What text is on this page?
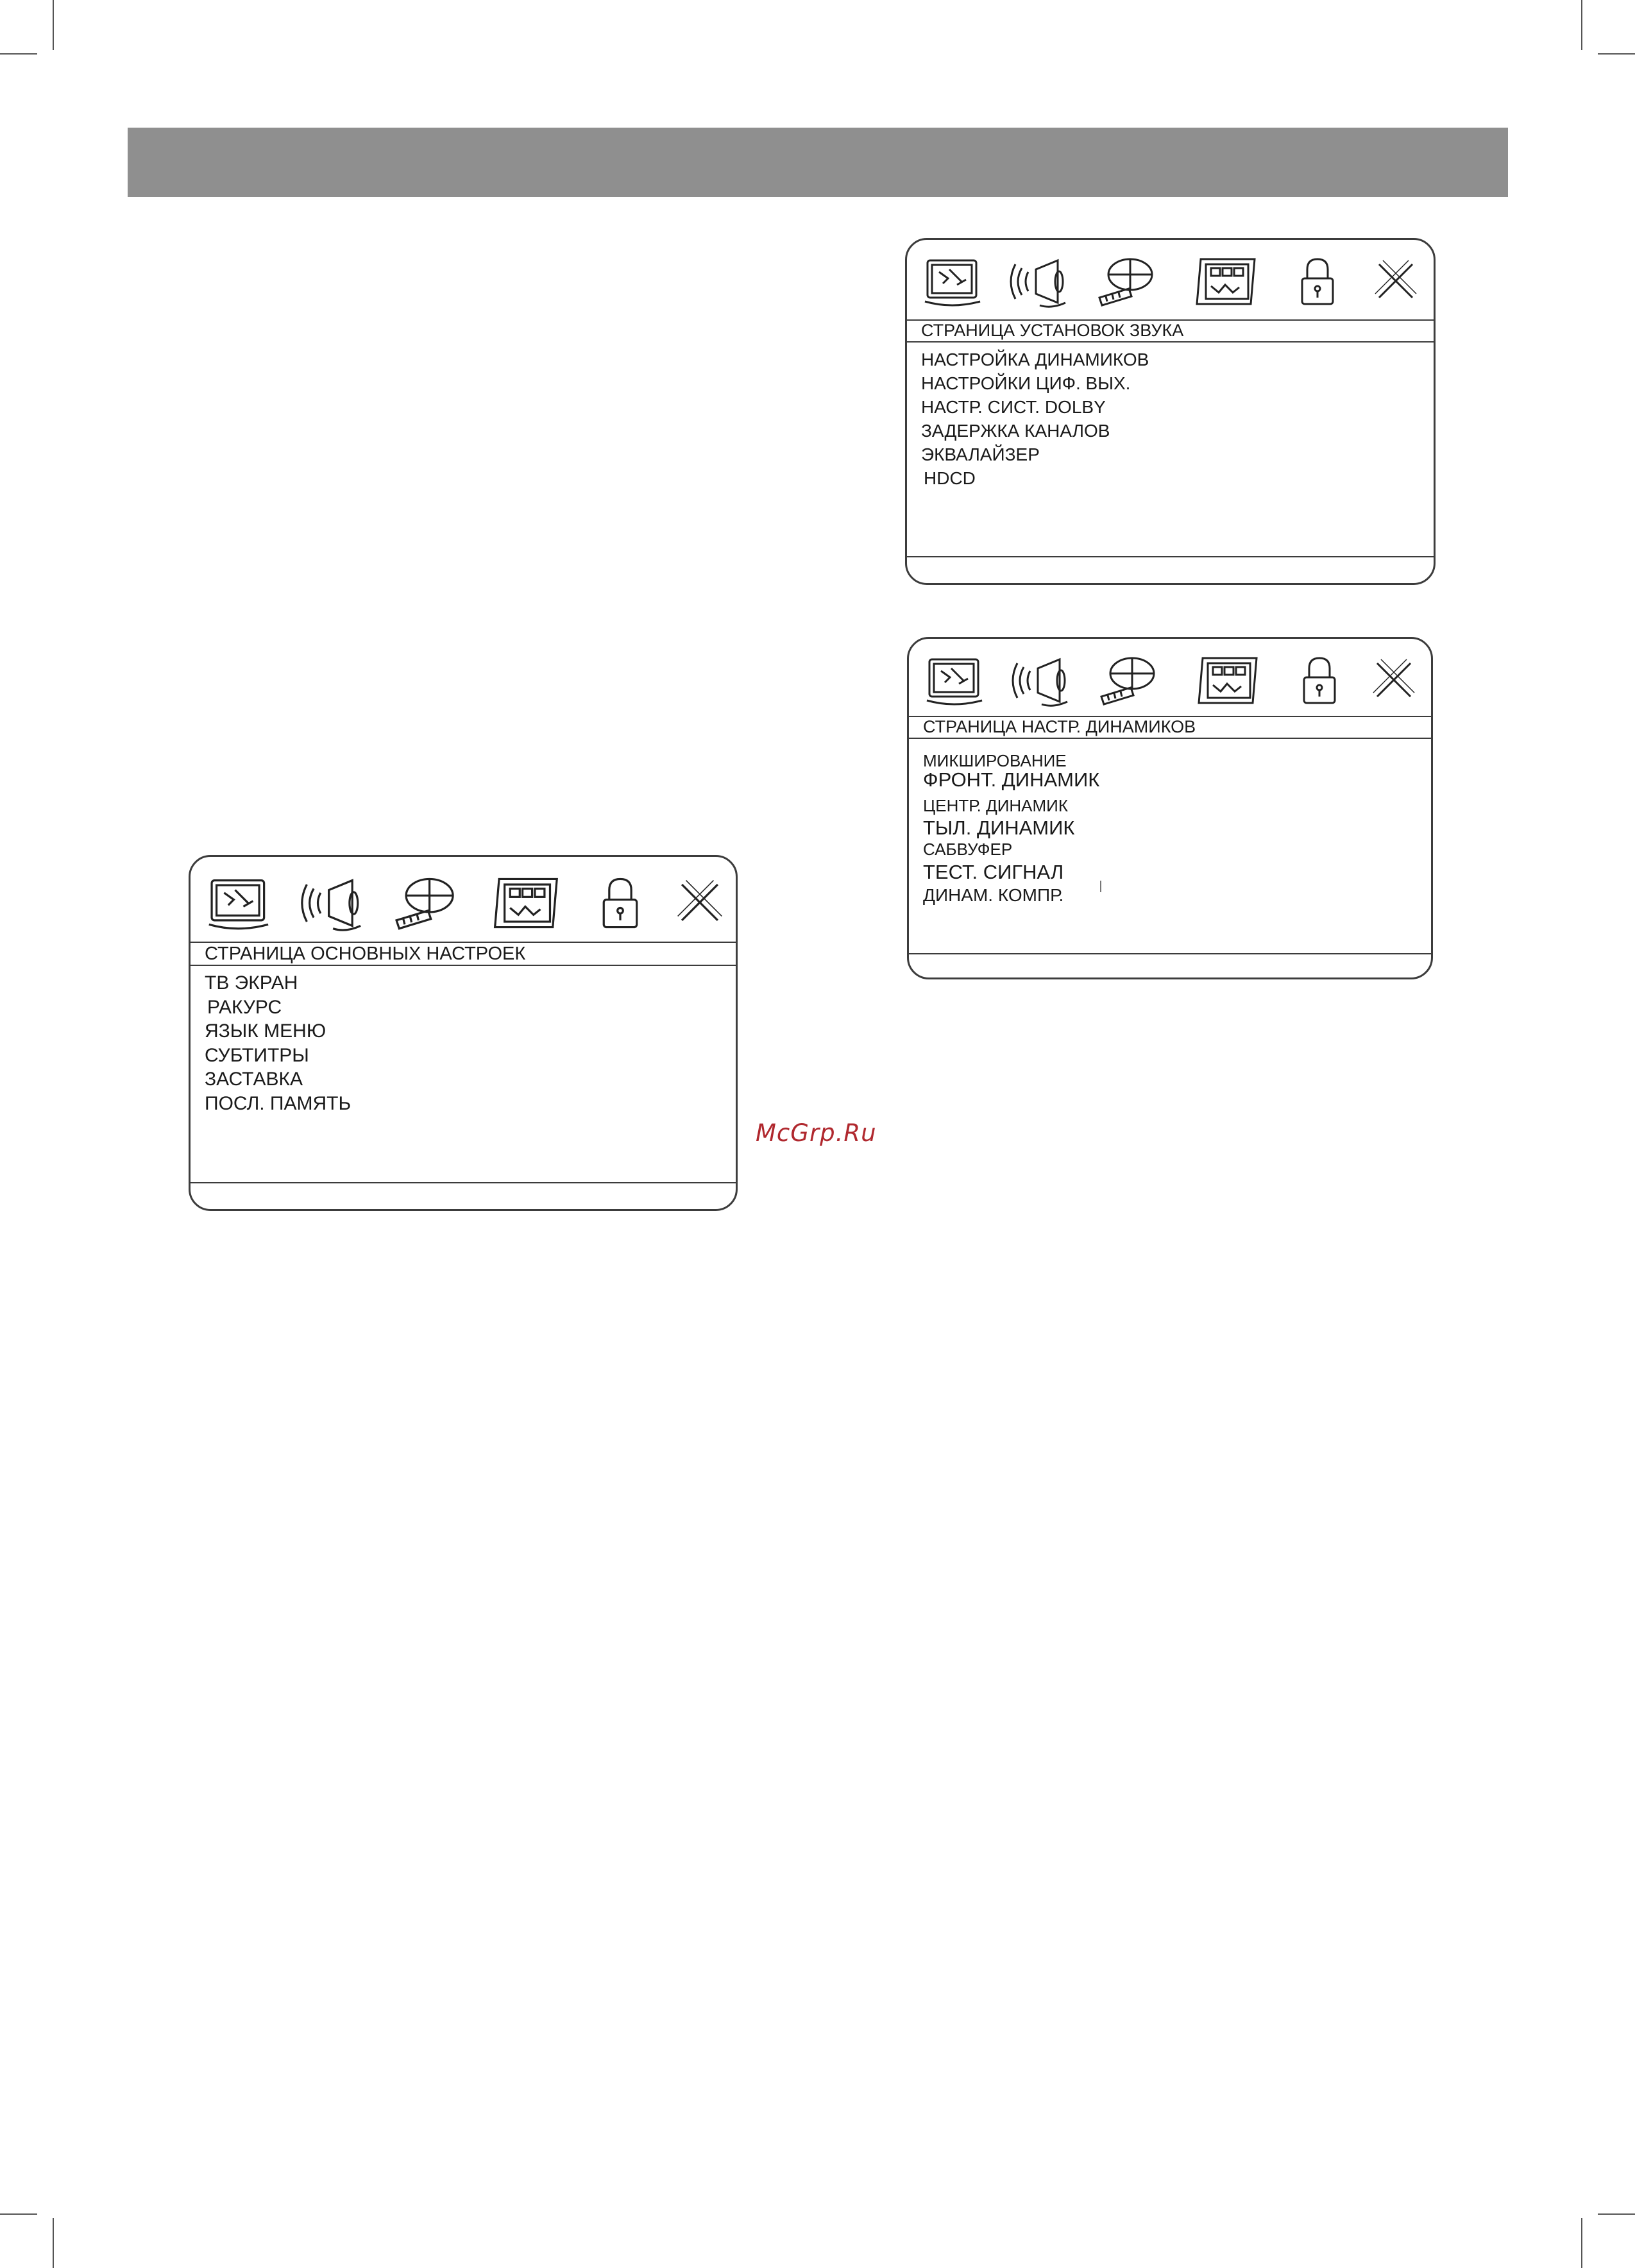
СТРАНИЦА УСТАНОВОК ЗВУКА
НАСТРОЙКА ДИНАМИКОВ
НАСТРОЙКИ ЦИФ. ВЫХ.
НАСТР. СИСТ. DOLBY
ЗАДЕРЖКА КАНАЛОВ
ЭКВАЛАЙЗЕР
HDCD
СТРАНИЦА НАСТР. ДИНАМИКОВ
МИКШИРОВАНИЕ
ФРОНТ. ДИНАМИК
ЦЕНТР. ДИНАМИК
ТЫЛ. ДИНАМИК
САБВУФЕР
ТЕСТ. СИГНАЛ
ДИНАМ. КОМПР.
СТРАНИЦА ОСНОВНЫХ НАСТРОЕК
ТВ ЭКРАН
РАКУРС
ЯЗЫК МЕНЮ
СУБТИТРЫ
ЗАСТАВКА
ПОСЛ. ПАМЯТЬ
McGrp.Ru
